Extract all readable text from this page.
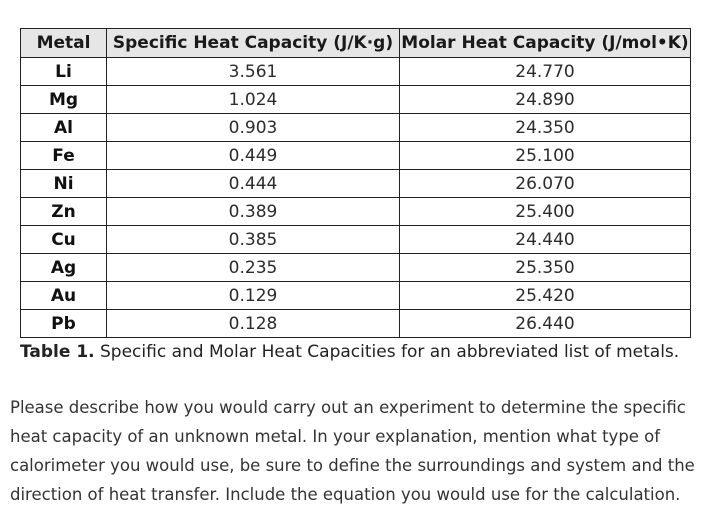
Metal	Specific Heat Capacity (J/K·g)	Molar Heat Capacity (J/mol•K)
Li	3.561	24.770
Mg	1.024	24.890
Al	0.903	24.350
Fe	0.449	25.100
Ni	0.444	26.070
Zn	0.389	25.400
Cu	0.385	24.440
Ag	0.235	25.350
Au	0.129	25.420
Pb	0.128	26.440
Table 1. Specific and Molar Heat Capacities for an abbreviated list of metals.
Please describe how you would carry out an experiment to determine the specific heat capacity of an unknown metal. In your explanation, mention what type of calorimeter you would use, be sure to define the surroundings and system and the direction of heat transfer. Include the equation you would use for the calculation.
